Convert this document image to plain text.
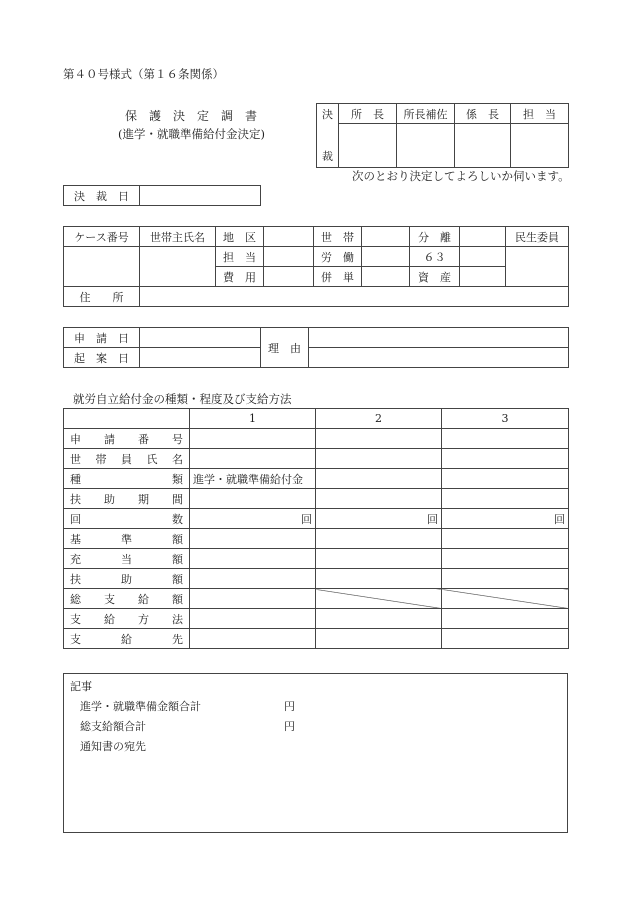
第４０号様式（第１６条関係）
保　護　決　定　調　書
(進学・就職準備給付金決定)
決	所　長	所長補佐	係　長	担　当
裁				
次のとおり決定してよろしいか伺います。
決　裁　日	
ケース番号	世帯主氏名	地　区		世　帯		分　離		民生委員
		担　当		労　働		６３		
		費　用		併　単		資　産		
住　　所								
申　請　日		理　由	
起　案　日			
就労自立給付金の種類・程度及び支給方法
	1	2	3
申請番号			
世帯員氏名			
種類	進学・就職準備給付金		
扶助期間			
回数	回	回	回
基準額			
充当額			
扶助額			
総支給額			
支給方法			
支給先			
記事
進学・就職準備金額合計	円
総支給額合計	円
通知書の宛先
